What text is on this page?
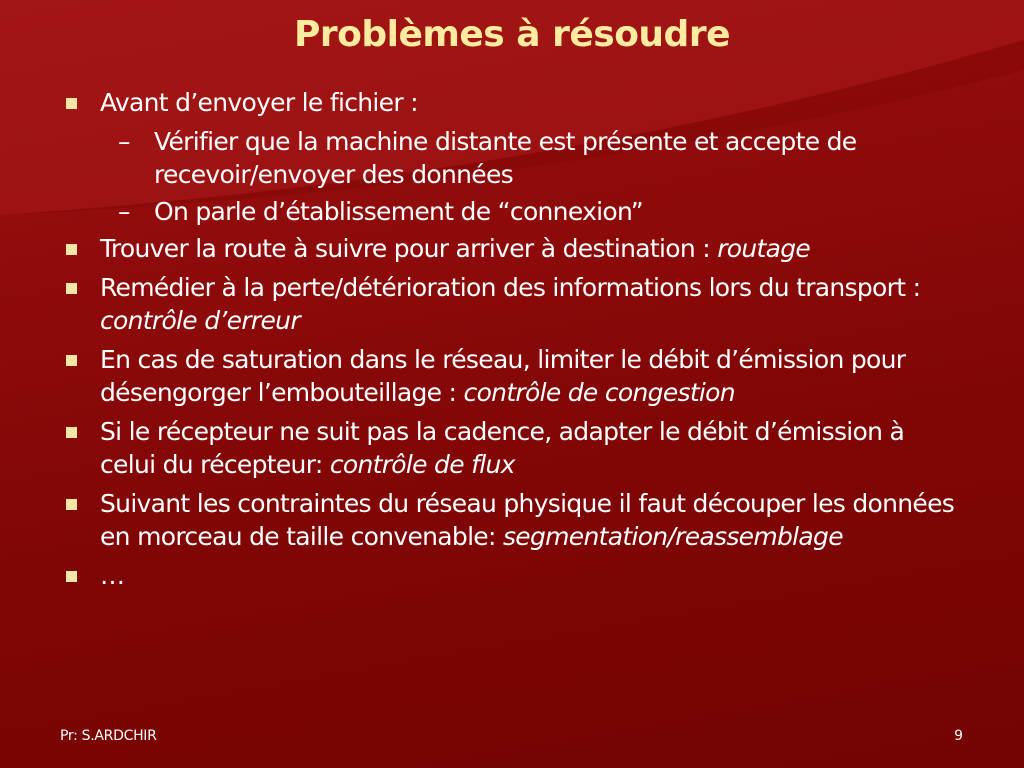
Problèmes à résoudre
Avant d’envoyer le fichier :
– Vérifier que la machine distante est présente et accepte de recevoir/envoyer des données
– On parle d’établissement de “connexion”
Trouver la route à suivre pour arriver à destination : routage
Remédier à la perte/détérioration des informations lors du transport : contrôle d’erreur
En cas de saturation dans le réseau, limiter le débit d’émission pour désengorger l’embouteillage : contrôle de congestion
Si le récepteur ne suit pas la cadence, adapter le débit d’émission à celui du récepteur: contrôle de flux
Suivant les contraintes du réseau physique il faut découper les données en morceau de taille convenable: segmentation/reassemblage
…
Pr: S.ARDCHIR	9
